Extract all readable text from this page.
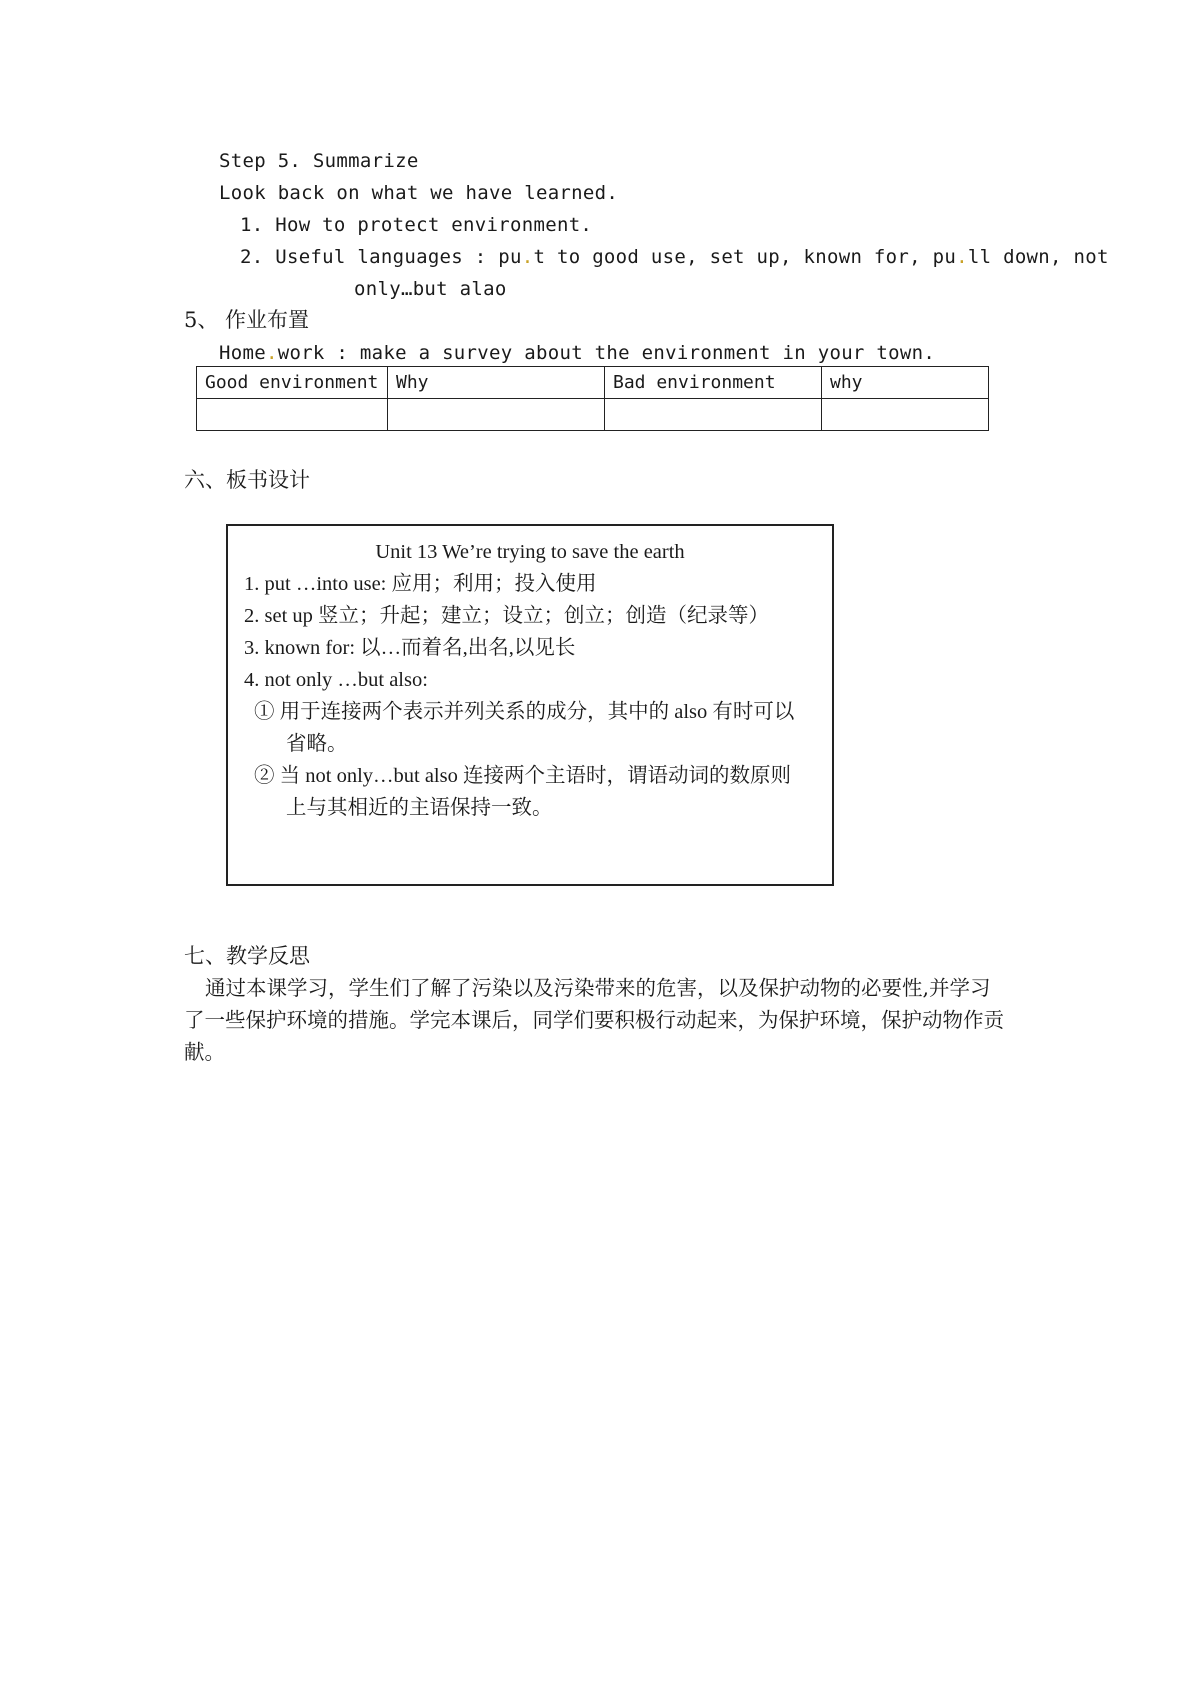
Step 5. Summarize
Look back on what we have learned.
1. How to protect environment.
2. Useful languages : pu.t to good use, set up, known for, pu.ll down, not
only…but alao
5、 作业布置
Home.work : make a survey about the environment in your town.
Good environment	Why	Bad environment	why

六、板书设计
Unit 13 We’re trying to save the earth
1. put …into use: 应用；利用；投入使用
2. set up 竖立；升起；建立；设立；创立；创造（纪录等）
3. known for: 以…而着名,出名,以见长
4. not only …but also:
① 用于连接两个表示并列关系的成分，其中的 also 有时可以
省略。
② 当 not only…but also 连接两个主语时，谓语动词的数原则
上与其相近的主语保持一致。
七、教学反思
通过本课学习，学生们了解了污染以及污染带来的危害，以及保护动物的必要性,并学习
了一些保护环境的措施。学完本课后，同学们要积极行动起来，为保护环境，保护动物作贡
献。
